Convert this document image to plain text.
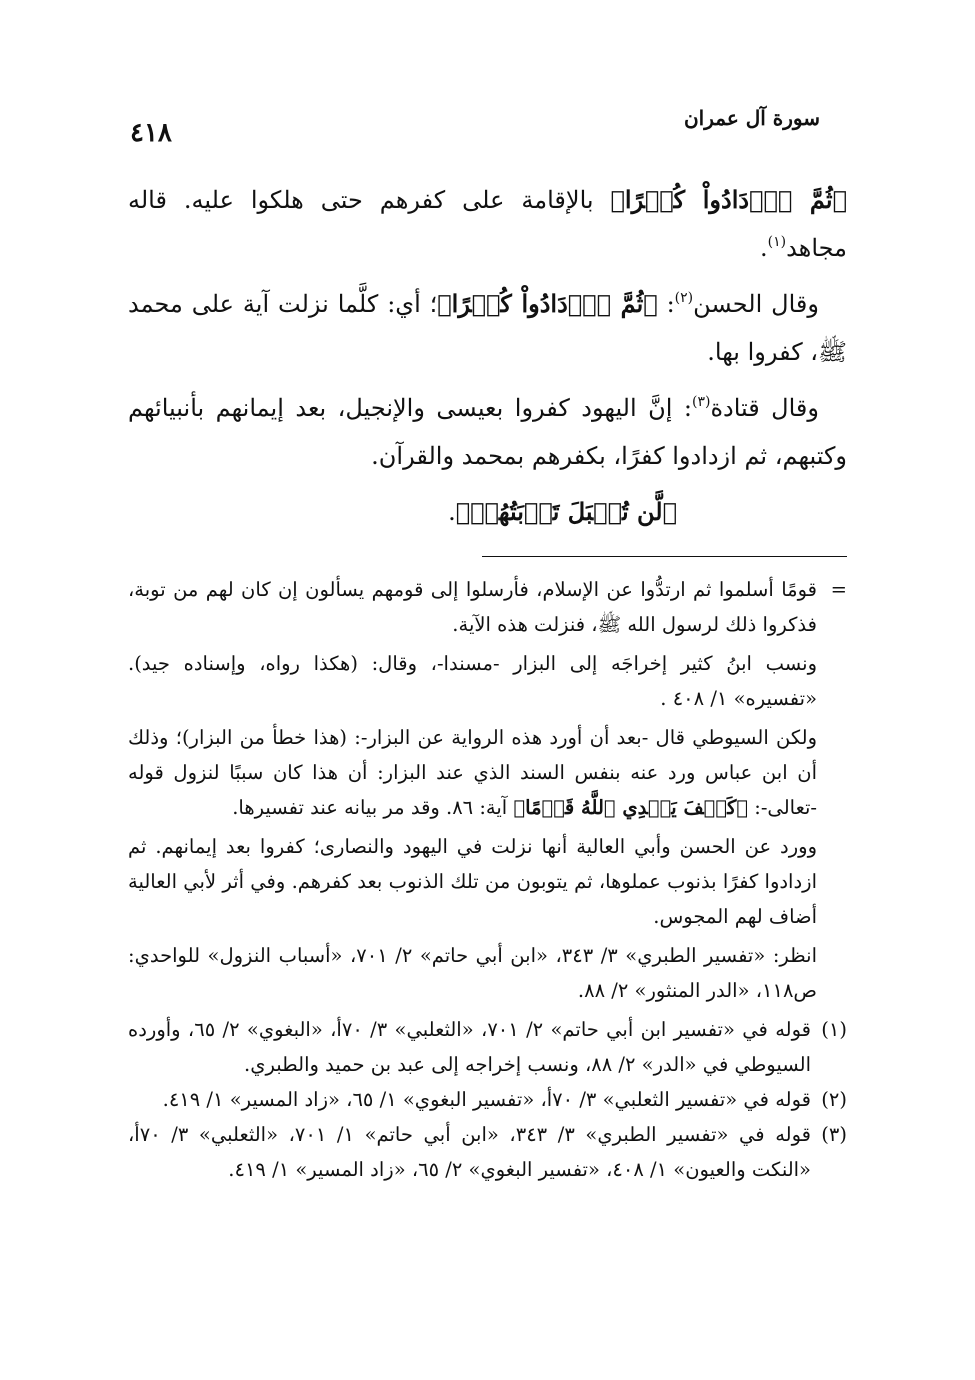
سورة آل عمران
٤١٨

﴿ثُمَّ ٱزۡدَادُواْ كُفۡرًا﴾ بالإقامة على كفرهم حتى هلكوا عليه. قاله مجاهد$^{(١)}$.

وقال الحسن$^{(٢)}$: ﴿ثُمَّ ٱزۡدَادُواْ كُفۡرًا﴾؛ أي: كلَّما نزلت آية على محمد ﷺ، كفروا بها.

وقال قتادة$^{(٣)}$: إنَّ اليهود كفروا بعيسى والإنجيل، بعد إيمانهم بأنبيائهم وكتبهم، ثم ازدادوا كفرًا، بكفرهم بمحمد والقرآن.

﴿لَّن تُقۡبَلَ تَوۡبَتُهُمۡ﴾.

=
قومًا أسلموا ثم ارتدُّوا عن الإسلام، فأرسلوا إلى قومهم يسألون إن كان لهم من توبة، فذكروا ذلك لرسول الله ﷺ، فنزلت هذه الآية.

ونسب ابنُ كثير إخراجَه إلى البزار -مسندا-، وقال: (هكذا رواه، وإسناده جيد). «تفسيره» ١/ ٤٠٨ .

ولكن السيوطي قال -بعد أن أورد هذه الرواية عن البزار-: (هذا خطأ من البزار)؛ وذلك أن ابن عباس ورد عنه بنفس السند الذي عند البزار: أن هذا كان سببًا لنزول قوله -تعالى-: ﴿كَيۡفَ يَهۡدِي ٱللَّهُ قَوۡمًا﴾ آية: ٨٦. وقد مر بيانه عند تفسيرها.

وورد عن الحسن وأبي العالية أنها نزلت في اليهود والنصارى؛ كفروا بعد إيمانهم. ثم ازدادوا كفرًا بذنوب عملوها، ثم يتوبون من تلك الذنوب بعد كفرهم. وفي أثر لأبي العالية أضاف لهم المجوس.

انظر: «تفسير الطبري» ٣/ ٣٤٣، «ابن أبي حاتم» ٢/ ٧٠١، «أسباب النزول» للواحدي: ص١١٨، «الدر المنثور» ٢/ ٨٨.

(١)
قوله في «تفسير ابن أبي حاتم» ٢/ ٧٠١، «الثعلبي» ٣/ ٧٠أ، «البغوي» ٢/ ٦٥، وأورده السيوطي في «الدر» ٢/ ٨٨، ونسب إخراجه إلى عبد بن حميد والطبري.

(٢)
قوله في «تفسير الثعلبي» ٣/ ٧٠أ، «تفسير البغوي» ١/ ٦٥، «زاد المسير» ١/ ٤١٩.

(٣)
قوله في «تفسير الطبري» ٣/ ٣٤٣، «ابن أبي حاتم» ١/ ٧٠١، «الثعلبي» ٣/ ٧٠أ، «النكت والعيون» ١/ ٤٠٨، «تفسير البغوي» ٢/ ٦٥، «زاد المسير» ١/ ٤١٩.
